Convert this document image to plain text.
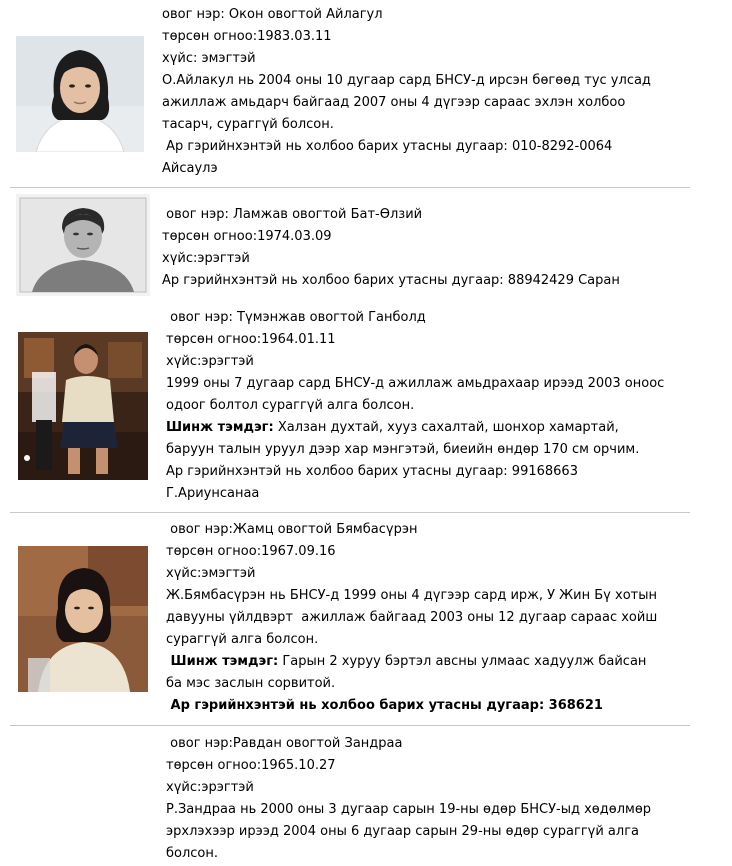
овог нэр: Окон овогтой Айлагул
төрсөн огноо:1983.03.11
хүйс: эмэгтэй
О.Айлакул нь 2004 оны 10 дугаар сард БНСУ-д ирсэн бөгөөд тус улсад
ажиллаж амьдарч байгаад 2007 оны 4 дүгээр сараас эхлэн холбоо
тасарч, сураггүй болсон.
Ар гэрийнхэнтэй нь холбоо барих утасны дугаар: 010-8292-0064
Айсаулэ
овог нэр: Ламжав овогтой Бат-Өлзий
төрсөн огноо:1974.03.09
хүйс:эрэгтэй
Ар гэрийнхэнтэй нь холбоо барих утасны дугаар: 88942429 Саран
овог нэр: Түмэнжав овогтой Ганболд
төрсөн огноо:1964.01.11
хүйс:эрэгтэй
1999 оны 7 дугаар сард БНСУ-д ажиллаж амьдрахаар ирээд 2003 оноос
одоог болтол сураггүй алга болсон.
Шинж тэмдэг: Халзан духтай, хууз сахалтай, шонхор хамартай,
баруун талын уруул дээр хар мэнгэтэй, биеийн өндөр 170 см орчим.
Ар гэрийнхэнтэй нь холбоо барих утасны дугаар: 99168663
Г.Ариунсанаа
овог нэр:Жамц овогтой Бямбасүрэн
төрсөн огноо:1967.09.16
хүйс:эмэгтэй
Ж.Бямбасүрэн нь БНСУ-д 1999 оны 4 дүгээр сард ирж, У Жин Бү хотын
давууны үйлдвэрт  ажиллаж байгаад 2003 оны 12 дугаар сараас хойш
сураггүй алга болсон.
Шинж тэмдэг: Гарын 2 хуруу бэртэл авсны улмаас хадуулж байсан
ба мэс заслын сорвитой.
Ар гэрийнхэнтэй нь холбоо барих утасны дугаар: 368621
овог нэр:Равдан овогтой Зандраа
төрсөн огноо:1965.10.27
хүйс:эрэгтэй
Р.Зандраа нь 2000 оны 3 дугаар сарын 19-ны өдөр БНСУ-ыд хөдөлмөр
эрхлэхээр ирээд 2004 оны 6 дугаар сарын 29-ны өдөр сураггүй алга
болсон.
